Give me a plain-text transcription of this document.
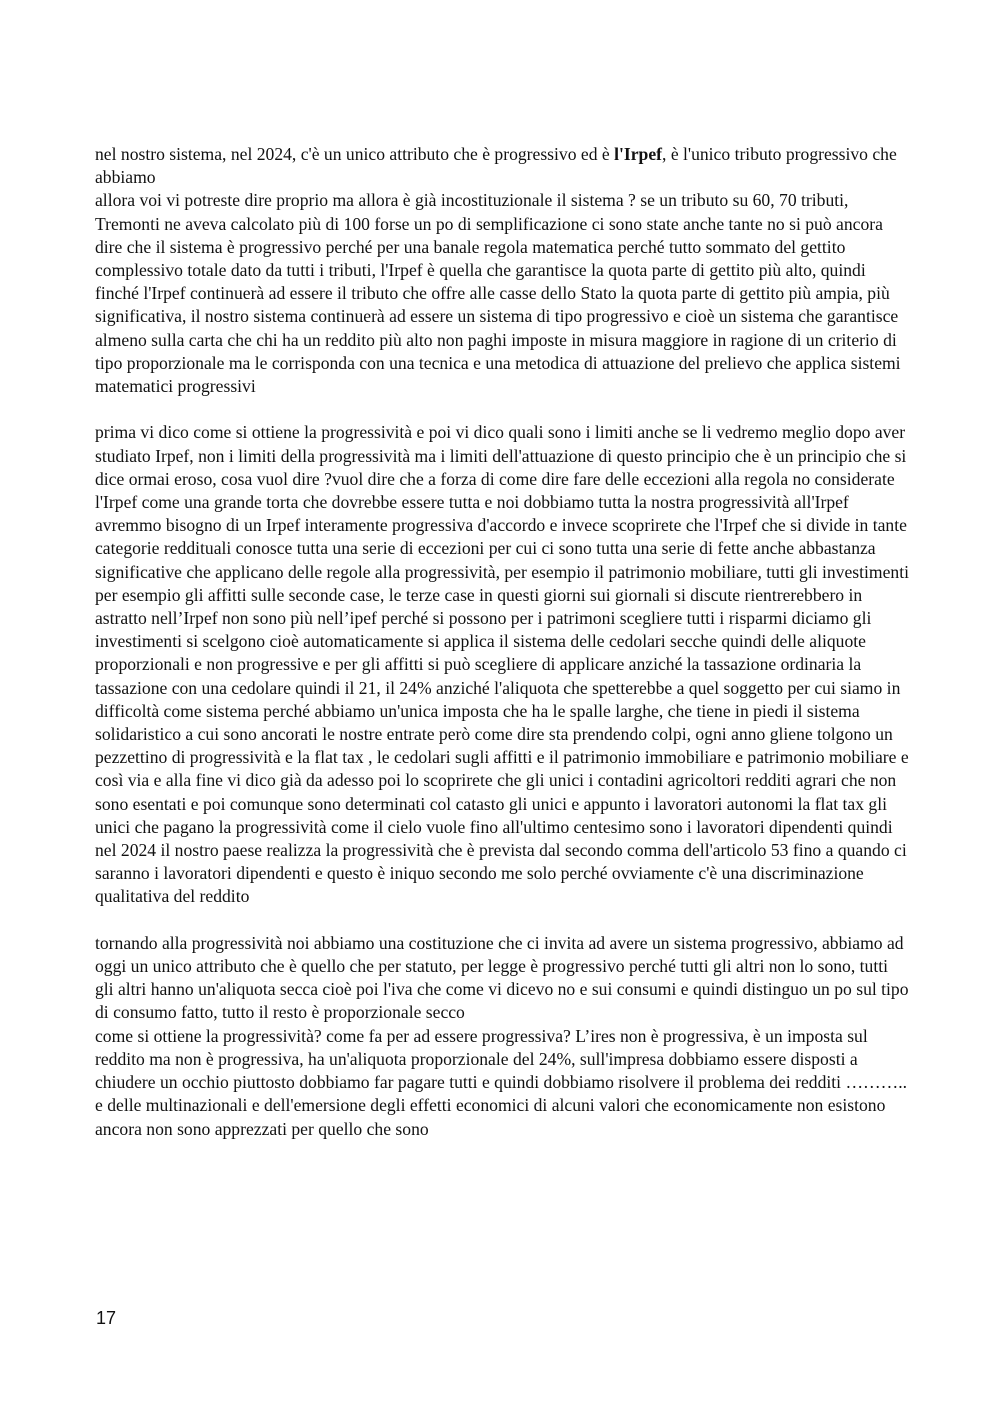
nel nostro sistema, nel 2024, c'è un unico attributo che è progressivo ed è l'Irpef, è l'unico tributo progressivo che abbiamo

allora voi vi potreste dire proprio ma allora è già incostituzionale il sistema ? se un tributo su 60, 70 tributi, Tremonti ne aveva calcolato più di 100 forse un po di semplificazione ci sono state anche tante no si può ancora dire che il sistema è progressivo perché per una banale regola matematica perché tutto sommato del gettito complessivo totale dato da tutti i tributi, l'Irpef è quella che garantisce la quota parte di gettito più alto, quindi finché l'Irpef continuerà ad essere il tributo che offre alle casse dello Stato la quota parte di gettito più ampia, più significativa, il nostro sistema continuerà ad essere un sistema di tipo progressivo e cioè un sistema che garantisce almeno sulla carta che chi ha un reddito più alto non paghi imposte in misura maggiore in ragione di un criterio di tipo proporzionale ma le corrisponda con una tecnica e una metodica di attuazione del prelievo che applica sistemi matematici progressivi

prima vi dico come si ottiene la progressività e poi vi dico quali sono i limiti anche se li vedremo meglio dopo aver studiato Irpef, non i limiti della progressività ma i limiti dell'attuazione di questo principio che è un principio che si dice ormai eroso, cosa vuol dire ?vuol dire che a forza di come dire fare delle eccezioni alla regola no considerate l'Irpef come una grande torta che dovrebbe essere tutta e noi dobbiamo tutta la nostra progressività all'Irpef avremmo bisogno di un Irpef interamente progressiva d'accordo e invece scoprirete che l'Irpef che si divide in tante categorie reddituali conosce tutta una serie di eccezioni per cui ci sono tutta una serie di fette anche abbastanza significative che applicano delle regole alla progressività, per esempio il patrimonio mobiliare, tutti gli investimenti per esempio gli affitti sulle seconde case, le terze case in questi giorni sui giornali si discute rientrerebbero in astratto nell’Irpef non sono più nell’ipef perché si possono per i patrimoni scegliere tutti i risparmi diciamo gli investimenti si scelgono cioè automaticamente si applica il sistema delle cedolari secche quindi delle aliquote proporzionali e non progressive e per gli affitti si può scegliere di applicare anziché la tassazione ordinaria la tassazione con una cedolare quindi il 21, il 24% anziché l'aliquota che spetterebbe a quel soggetto per cui siamo in difficoltà come sistema perché abbiamo un'unica imposta che ha le spalle larghe, che tiene in piedi il sistema solidaristico a cui sono ancorati le nostre entrate però come dire sta prendendo colpi, ogni anno gliene tolgono un pezzettino di progressività e la flat tax , le cedolari sugli affitti e il patrimonio immobiliare e patrimonio mobiliare e così via e alla fine vi dico già da adesso poi lo scoprirete che gli unici i contadini agricoltori redditi agrari che non sono esentati e poi comunque sono determinati col catasto gli unici e appunto i lavoratori autonomi la flat tax gli unici che pagano la progressività come il cielo vuole fino all'ultimo centesimo sono i lavoratori dipendenti quindi nel 2024 il nostro paese realizza la progressività che è prevista dal secondo comma dell'articolo 53 fino a quando ci saranno i lavoratori dipendenti e questo è iniquo secondo me solo perché ovviamente c'è una discriminazione qualitativa del reddito

tornando alla progressività noi abbiamo una costituzione che ci invita ad avere un sistema progressivo, abbiamo ad oggi un unico attributo che è quello che per statuto, per legge è progressivo perché tutti gli altri non lo sono, tutti gli altri hanno un'aliquota secca cioè poi l'iva che come vi dicevo no e sui consumi e quindi distinguo un po sul tipo di consumo fatto, tutto il resto è proporzionale secco

come si ottiene la progressività? come fa per ad essere progressiva? L’ires non è progressiva, è un imposta sul reddito ma non è progressiva, ha un'aliquota proporzionale del 24%, sull'impresa dobbiamo essere disposti a chiudere un occhio piuttosto dobbiamo far pagare tutti e quindi dobbiamo risolvere il problema dei redditi ……….. e delle multinazionali e dell'emersione degli effetti economici di alcuni valori che economicamente non esistono ancora non sono apprezzati per quello che sono

17
